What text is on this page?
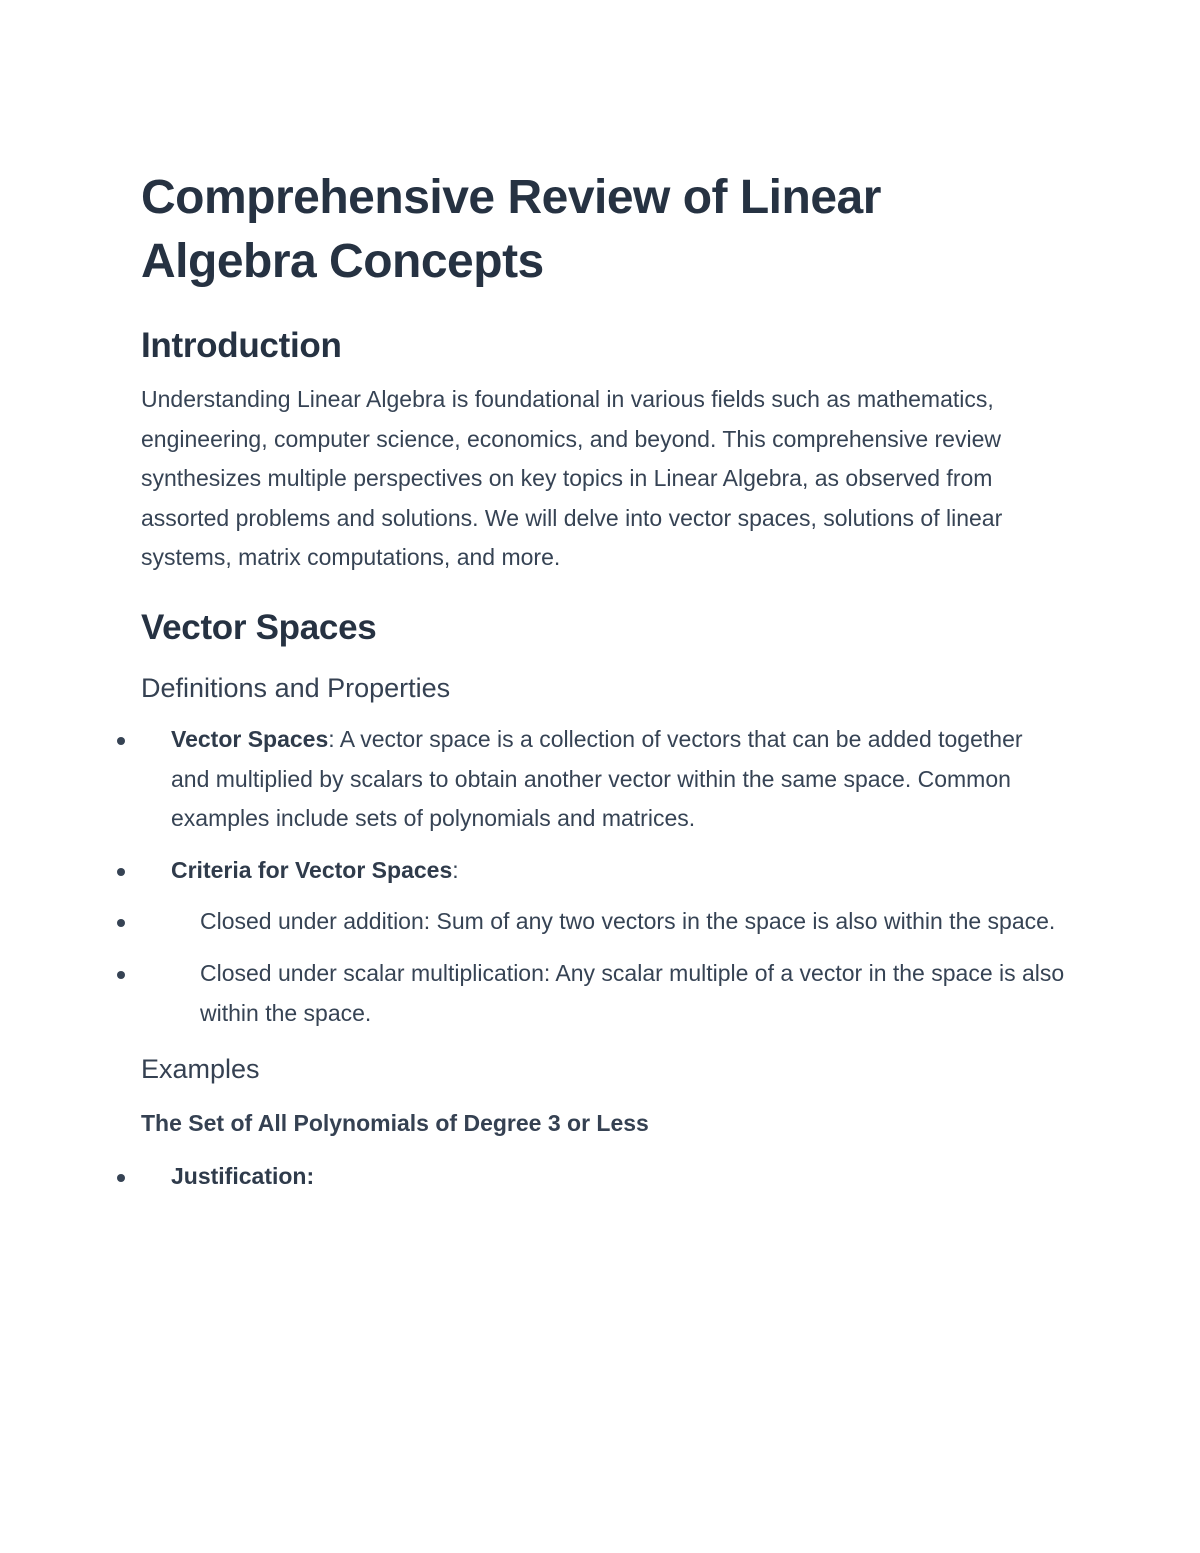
Comprehensive Review of Linear Algebra Concepts
Introduction

Understanding Linear Algebra is foundational in various fields such as mathematics, engineering, computer science, economics, and beyond. This comprehensive review synthesizes multiple perspectives on key topics in Linear Algebra, as observed from assorted problems and solutions. We will delve into vector spaces, solutions of linear systems, matrix computations, and more.

Vector Spaces
Definitions and Properties
Vector Spaces: A vector space is a collection of vectors that can be added together and multiplied by scalars to obtain another vector within the same space. Common examples include sets of polynomials and matrices.
Criteria for Vector Spaces:
Closed under addition: Sum of any two vectors in the space is also within the space.
Closed under scalar multiplication: Any scalar multiple of a vector in the space is also within the space.
Examples
The Set of All Polynomials of Degree 3 or Less
Justification:
